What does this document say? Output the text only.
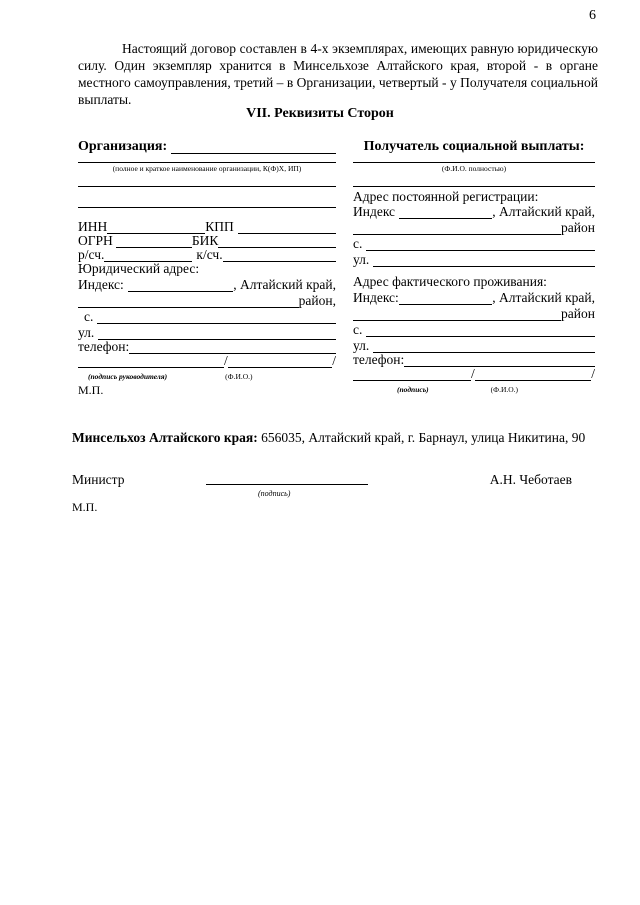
6
Настоящий договор составлен в 4-х экземплярах, имеющих равную юридическую силу. Один экземпляр хранится в Минсельхозе Алтайского края, второй - в органе местного самоуправления, третий – в Организации, четвертый - у Получателя социальной выплаты.
VII. Реквизиты Сторон
Организация:
(полное и краткое наименование организации, К(Ф)Х, ИП)
ИНН	КПП
ОГРН	БИК
р/сч.	к/сч.
Юридический адрес:
Индекс:	, Алтайский край,
район,
с.
ул.
телефон:
/	/
(подпись руководителя)	(Ф.И.О.)
М.П.
Получатель социальной выплаты:
(Ф.И.О. полностью)
Адрес постоянной регистрации:
Индекс	, Алтайский край,
район
с.
ул.
Адрес фактического проживания:
Индекс:	, Алтайский край,
район
с.
ул.
телефон:
/	/
(подпись)	(Ф.И.О.)
Минсельхоз Алтайского края: 656035, Алтайский край, г. Барнаул, улица Никитина, 90
Министр	А.Н. Чеботаев
(подпись)
М.П.
